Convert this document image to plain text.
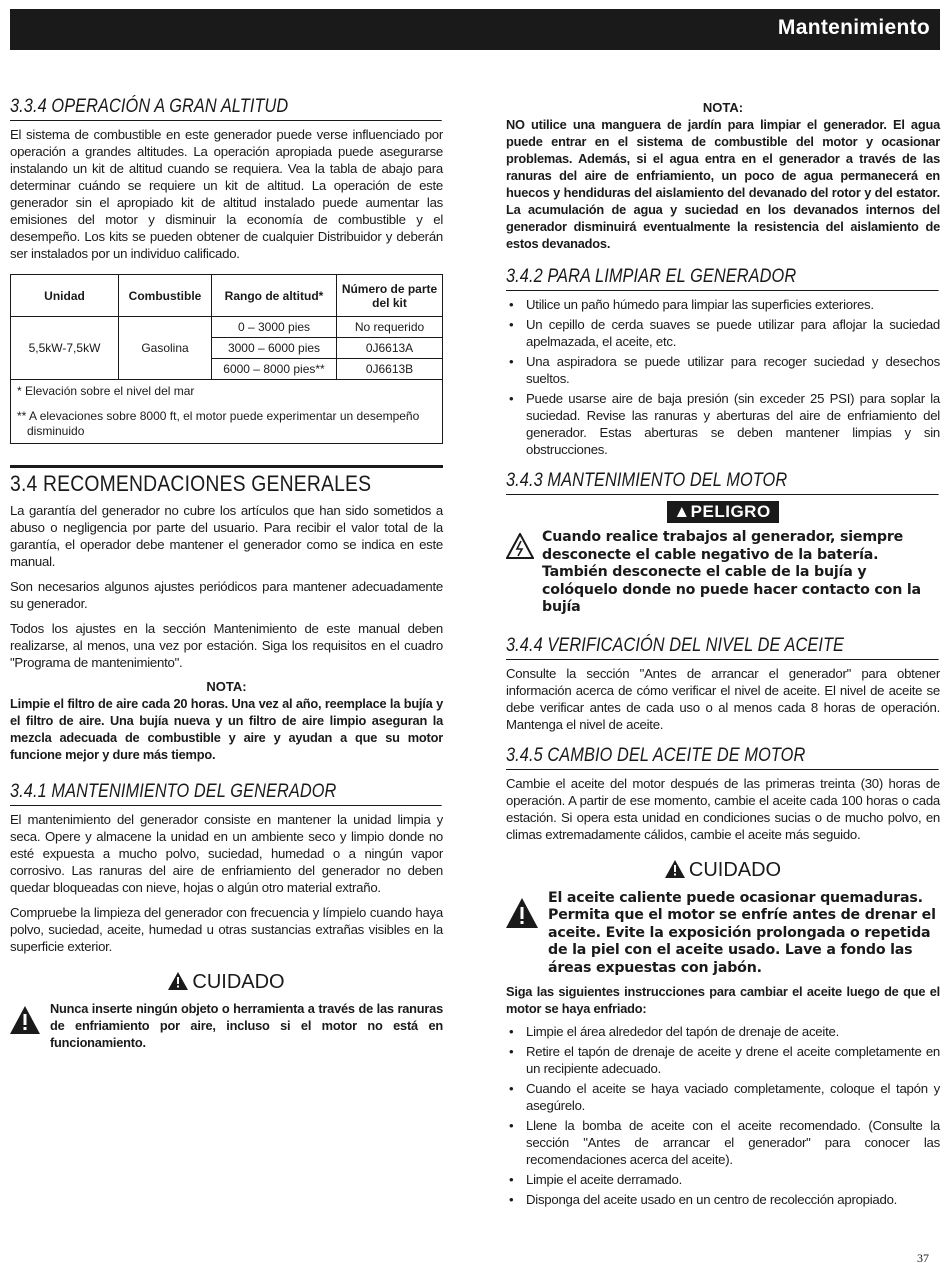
Mantenimiento
3.3.4 OPERACIÓN A GRAN ALTITUD

El sistema de combustible en este generador puede verse influenciado por operación a grandes altitudes. La operación apropiada puede asegurarse instalando un kit de altitud cuando se requiera. Vea la tabla de abajo para determinar cuándo se requiere un kit de altitud. La operación de este generador sin el apropiado kit de altitud instalado puede aumentar las emisiones del motor y disminuir la economía de combustible y el desempeño. Los kits se pueden obtener de cualquier Distribuidor y deberán ser instalados por un individuo calificado.

Unidad	Combustible	Rango de altitud*	Número de parte del kit
5,5kW-7,5kW	Gasolina	0 – 3000 pies	No requerido
		3000 – 6000 pies	0J6613A
		6000 – 8000 pies**	0J6613B

* Elevación sobre el nivel del mar
** A elevaciones sobre 8000 ft, el motor puede experimentar un desempeño disminuido			
3.4 RECOMENDACIONES GENERALES

La garantía del generador no cubre los artículos que han sido sometidos a abuso o negligencia por parte del usuario. Para recibir el valor total de la garantía, el operador debe mantener el generador como se indica en este manual.

Son necesarios algunos ajustes periódicos para mantener adecuadamente su generador.

Todos los ajustes en la sección Mantenimiento de este manual deben realizarse, al menos, una vez por estación. Siga los requisitos en el cuadro "Programa de mantenimiento".

NOTA:
Limpie el filtro de aire cada 20 horas. Una vez al año, reemplace la bujía y el filtro de aire. Una bujía nueva y un filtro de aire limpio aseguran la mezcla adecuada de combustible y aire y ayudan a que su motor funcione mejor y dure más tiempo.
3.4.1 MANTENIMIENTO DEL GENERADOR

El mantenimiento del generador consiste en mantener la unidad limpia y seca. Opere y almacene la unidad en un ambiente seco y limpio donde no esté expuesta a mucho polvo, suciedad, humedad o a ningún vapor corrosivo. Las ranuras del aire de enfriamiento del generador no deben quedar bloqueadas con nieve, hojas o algún otro material extraño.

Compruebe la limpieza del generador con frecuencia y límpielo cuando haya polvo, suciedad, aceite, humedad u otras sustancias extrañas visibles en la superficie exterior.

CUIDADO
Nunca inserte ningún objeto o herramienta a través de las ranuras de enfriamiento por aire, incluso si el motor no está en funcionamiento.
NOTA:
NO utilice una manguera de jardín para limpiar el generador. El agua puede entrar en el sistema de combustible del motor y ocasionar problemas. Además, si el agua entra en el generador a través de las ranuras del aire de enfriamiento, un poco de agua permanecerá en huecos y hendiduras del aislamiento del devanado del rotor y del estator. La acumulación de agua y suciedad en los devanados internos del generador disminuirá eventualmente la resistencia del aislamiento de estos devanados.
3.4.2 PARA LIMPIAR EL GENERADOR
• Utilice un paño húmedo para limpiar las superficies exteriores.
• Un cepillo de cerda suaves se puede utilizar para aflojar la suciedad apelmazada, el aceite, etc.
• Una aspiradora se puede utilizar para recoger suciedad y desechos sueltos.
• Puede usarse aire de baja presión (sin exceder 25 PSI) para soplar la suciedad. Revise las ranuras y aberturas del aire de enfriamiento del generador. Estas aberturas se deben mantener limpias y sin obstrucciones.
3.4.3 MANTENIMIENTO DEL MOTOR
▲PELIGRO
Cuando realice trabajos al generador, siempre desconecte el cable negativo de la batería. También desconecte el cable de la bujía y colóquelo donde no puede hacer contacto con la bujía
3.4.4 VERIFICACIÓN DEL NIVEL DE ACEITE

Consulte la sección "Antes de arrancar el generador" para obtener información acerca de cómo verificar el nivel de aceite. El nivel de aceite se debe verificar antes de cada uso o al menos cada 8 horas de operación. Mantenga el nivel de aceite.

3.4.5 CAMBIO DEL ACEITE DE MOTOR

Cambie el aceite del motor después de las primeras treinta (30) horas de operación. A partir de ese momento, cambie el aceite cada 100 horas o cada estación. Si opera esta unidad en condiciones sucias o de mucho polvo, en climas extremadamente cálidos, cambie el aceite más seguido.

CUIDADO
El aceite caliente puede ocasionar quemaduras. Permita que el motor se enfríe antes de drenar el aceite. Evite la exposición prolongada o repetida de la piel con el aceite usado. Lave a fondo las áreas expuestas con jabón.
Siga las siguientes instrucciones para cambiar el aceite luego de que el motor se haya enfriado:
• Limpie el área alrededor del tapón de drenaje de aceite.
• Retire el tapón de drenaje de aceite y drene el aceite completamente en un recipiente adecuado.
• Cuando el aceite se haya vaciado completamente, coloque el tapón y asegúrelo.
• Llene la bomba de aceite con el aceite recomendado. (Consulte la sección "Antes de arrancar el generador" para conocer las recomendaciones acerca del aceite).
• Limpie el aceite derramado.
• Disponga del aceite usado en un centro de recolección apropiado.
37
